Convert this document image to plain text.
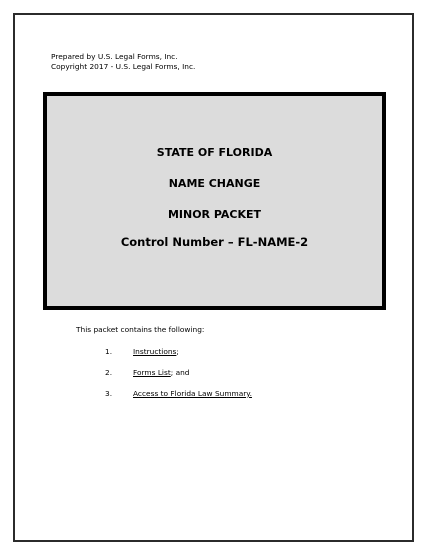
Prepared by U.S. Legal Forms, Inc.
Copyright 2017 - U.S. Legal Forms, Inc.
STATE OF FLORIDA
NAME CHANGE
MINOR PACKET
Control Number – FL-NAME-2
This packet contains the following:
1.	Instructions;
2.	Forms List; and
3.	Access to Florida Law Summary.
